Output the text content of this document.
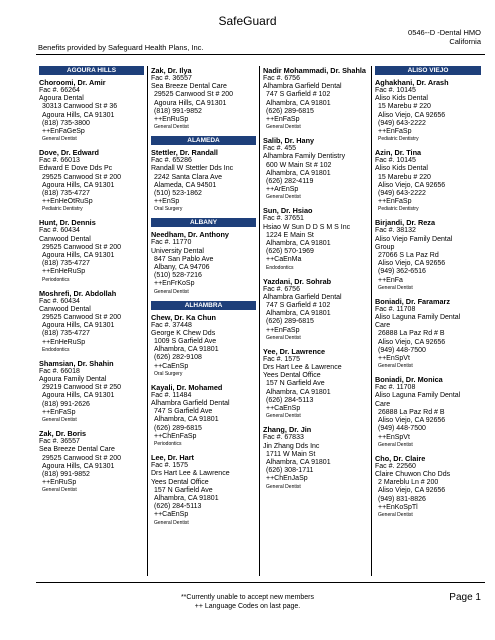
SafeGuard
0546--D -Dental HMO
California
Benefits provided by Safeguard Health Plans, Inc.
AGOURA HILLS
Choroomi, Dr. Amir
Fac #. 66264
Agoura Dental
30313 Canwood St # 36
Agoura Hills, CA 91301
(818) 735-3800
++EnFaGeSp
General Dentist
Dove, Dr. Edward
Fac #. 66013
Edward E Dove Dds Pc
29525 Canwood St # 200
Agoura Hills, CA 91301
(818) 735-4727
++EnHeOtRuSp
Pediatric Dentistry
Hunt, Dr. Dennis
Fac #. 60434
Canwood Dental
29525 Canwood St # 200
Agoura Hills, CA 91301
(818) 735-4727
++EnHeRuSp
Periodontics
Moshrefi, Dr. Abdollah
Fac #. 60434
Canwood Dental
29525 Canwood St # 200
Agoura Hills, CA 91301
(818) 735-4727
++EnHeRuSp
Endodontics
Shamsian, Dr. Shahin
Fac #. 66018
Agoura Family Dental
29219 Canwood St # 250
Agoura Hills, CA 91301
(818) 991-2626
++EnFaSp
General Dentist
Zak, Dr. Boris
Fac #. 36557
Sea Breeze Dental Care
29525 Canwood St # 200
Agoura Hills, CA 91301
(818) 991-9852
++EnRuSp
General Dentist
Zak, Dr. Ilya
Fac #. 36557
Sea Breeze Dental Care
29525 Canwood St # 200
Agoura Hills, CA 91301
(818) 991-9852
++EnRuSp
General Dentist
ALAMEDA
Stettler, Dr. Randall
Fac #. 65286
Randall W Stettler Dds Inc
2242 Santa Clara Ave
Alameda, CA 94501
(510) 523-1862
++EnSp
Oral Surgery
ALBANY
Needham, Dr. Anthony
Fac #. 11770
University Dental
847 San Pablo Ave
Albany, CA 94706
(510) 528-7216
++EnFrKoSp
General Dentist
ALHAMBRA
Chew, Dr. Ka Chun
Fac #. 37448
George K Chew Dds
1009 S Garfield Ave
Alhambra, CA 91801
(626) 282-9108
++CaEnSp
Oral Surgery
Kayali, Dr. Mohamed
Fac #. 11484
Alhambra Garfield Dental
747 S Garfield Ave
Alhambra, CA 91801
(626) 289-6815
++ChEnFaSp
Periodontics
Lee, Dr. Hart
Fac #. 1575
Drs Hart Lee & Lawrence
Yees Dental Office
157 N Garfield Ave
Alhambra, CA 91801
(626) 284-5113
++CaEnSp
General Dentist
Nadir Mohammadi, Dr. Shahla
Fac #. 6756
Alhambra Garfield Dental
747 S Garfield # 102
Alhambra, CA 91801
(626) 289-6815
++EnFaSp
General Dentist
Salib, Dr. Hany
Fac #. 455
Alhambra Family Dentistry
600 W Main St # 102
Alhambra, CA 91801
(626) 282-4119
++ArEnSp
General Dentist
Sun, Dr. Hsiao
Fac #. 37651
Hsiao W Sun D D S M S Inc
1224 E Main St
Alhambra, CA 91801
(626) 570-1969
++CaEnMa
Endodontics
Yazdani, Dr. Sohrab
Fac #. 6756
Alhambra Garfield Dental
747 S Garfield # 102
Alhambra, CA 91801
(626) 289-6815
++EnFaSp
General Dentist
Yee, Dr. Lawrence
Fac #. 1575
Drs Hart Lee & Lawrence
Yees Dental Office
157 N Garfield Ave
Alhambra, CA 91801
(626) 284-5113
++CaEnSp
General Dentist
Zhang, Dr. Jin
Fac #. 67833
Jin Zhang Dds Inc
1711 W Main St
Alhambra, CA 91801
(626) 308-1711
++ChEnJaSp
General Dentist
ALISO VIEJO
Aghakhani, Dr. Arash
Fac #. 10145
Aliso Kids Dental
15 Marebu # 220
Aliso Viejo, CA 92656
(949) 643-2222
++EnFaSp
Pediatric Dentistry
Azin, Dr. Tina
Fac #. 10145
Aliso Kids Dental
15 Marebu # 220
Aliso Viejo, CA 92656
(949) 643-2222
++EnFaSp
Pediatric Dentistry
Birjandi, Dr. Reza
Fac #. 38132
Aliso Viejo Family Dental
Group
27066 S La Paz Rd
Aliso Viejo, CA 92656
(949) 362-6516
++EnFa
General Dentist
Boniadi, Dr. Faramarz
Fac #. 11708
Aliso Laguna Family Dental
Care
26888 La Paz Rd # B
Aliso Viejo, CA 92656
(949) 448-7500
++EnSpVt
General Dentist
Boniadi, Dr. Monica
Fac #. 11708
Aliso Laguna Family Dental
Care
26888 La Paz Rd # B
Aliso Viejo, CA 92656
(949) 448-7500
++EnSpVt
General Dentist
Cho, Dr. Claire
Fac #. 22560
Claire Chuwon Cho Dds
2 Mareblu Ln # 200
Aliso Viejo, CA 92656
(949) 831-8826
++EnKoSpTl
General Dentist
**Currently unable to accept new members
++ Language Codes on last page.
Page 1
